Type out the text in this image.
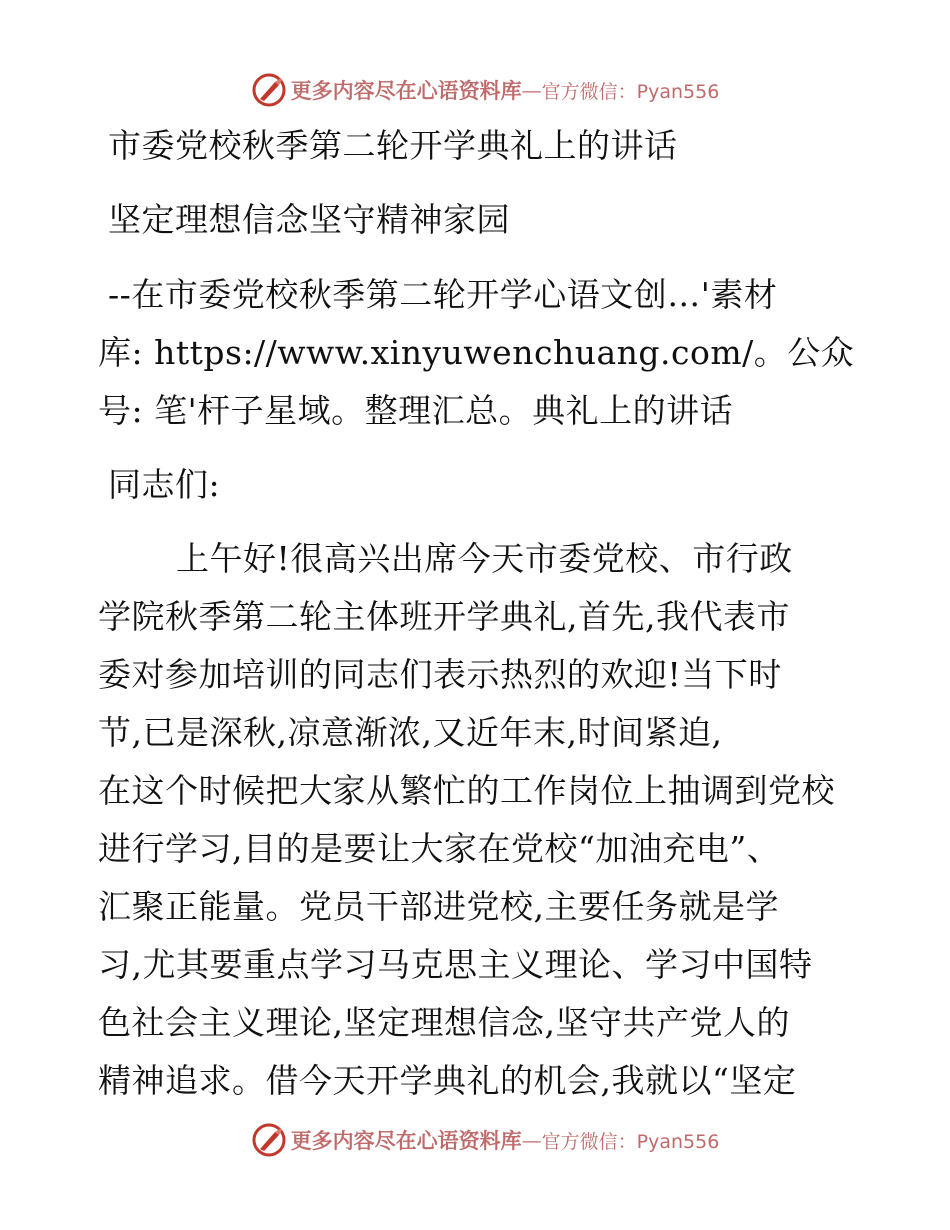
更多内容尽在心语资料库 — 官方微信：Pyan556
市委党校秋季第二轮开学典礼上的讲话
坚定理想信念坚守精神家园
--在市委党校秋季第二轮开学心语文创…'素材
库: https://www.xinyuwenchuang.com/。公众
号: 笔'杆子星域。整理汇总。典礼上的讲话
同志们:
上午好!很高兴出席今天市委党校、市行政
学院秋季第二轮主体班开学典礼,首先,我代表市
委对参加培训的同志们表示热烈的欢迎!当下时
节,已是深秋,凉意渐浓,又近年末,时间紧迫,
在这个时候把大家从繁忙的工作岗位上抽调到党校
进行学习,目的是要让大家在党校“加油充电”、
汇聚正能量。党员干部进党校,主要任务就是学
习,尤其要重点学习马克思主义理论、学习中国特
色社会主义理论,坚定理想信念,坚守共产党人的
精神追求。借今天开学典礼的机会,我就以“坚定
更多内容尽在心语资料库 — 官方微信：Pyan556
